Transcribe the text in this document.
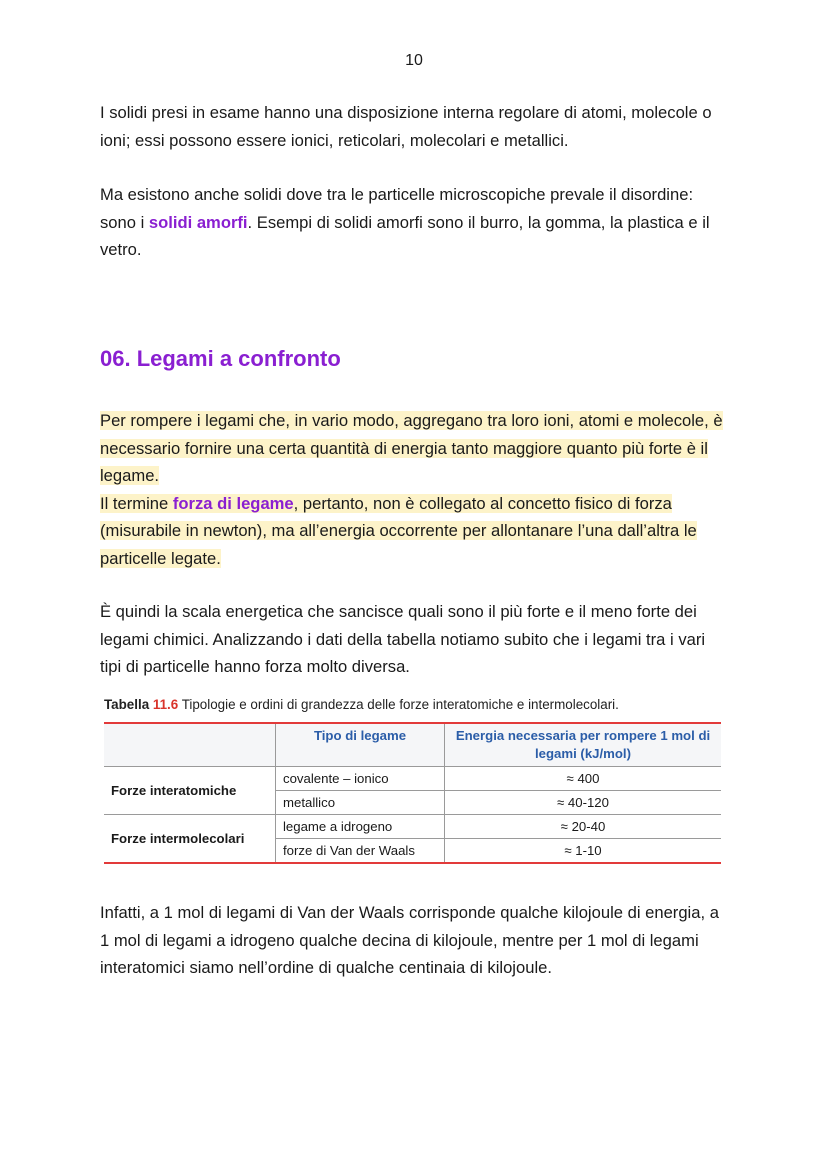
10

I solidi presi in esame hanno una disposizione interna regolare di atomi, molecole o ioni; essi possono essere ionici, reticolari, molecolari e metallici.

Ma esistono anche solidi dove tra le particelle microscopiche prevale il disordine: sono i solidi amorfi. Esempi di solidi amorfi sono il burro, la gomma, la plastica e il vetro.

06. Legami a confronto

Per rompere i legami che, in vario modo, aggregano tra loro ioni, atomi e molecole, è necessario fornire una certa quantità di energia tanto maggiore quanto più forte è il legame.
Il termine forza di legame, pertanto, non è collegato al concetto fisico di forza (misurabile in newton), ma all’energia occorrente per allontanare l’una dall’altra le particelle legate.

È quindi la scala energetica che sancisce quali sono il più forte e il meno forte dei legami chimici. Analizzando i dati della tabella notiamo subito che i legami tra i vari tipi di particelle hanno forza molto diversa.

Tabella 11.6 Tipologie e ordini di grandezza delle forze interatomiche e intermolecolari.
	Tipo di legame	Energia necessaria per rompere 1 mol di legami (kJ/mol)
Forze interatomiche	covalente – ionico	≈ 400
	metallico	≈ 40-120
Forze intermolecolari	legame a idrogeno	≈ 20-40
	forze di Van der Waals	≈ 1-10

Infatti, a 1 mol di legami di Van der Waals corrisponde qualche kilojoule di energia, a 1 mol di legami a idrogeno qualche decina di kilojoule, mentre per 1 mol di legami interatomici siamo nell’ordine di qualche centinaia di kilojoule.
